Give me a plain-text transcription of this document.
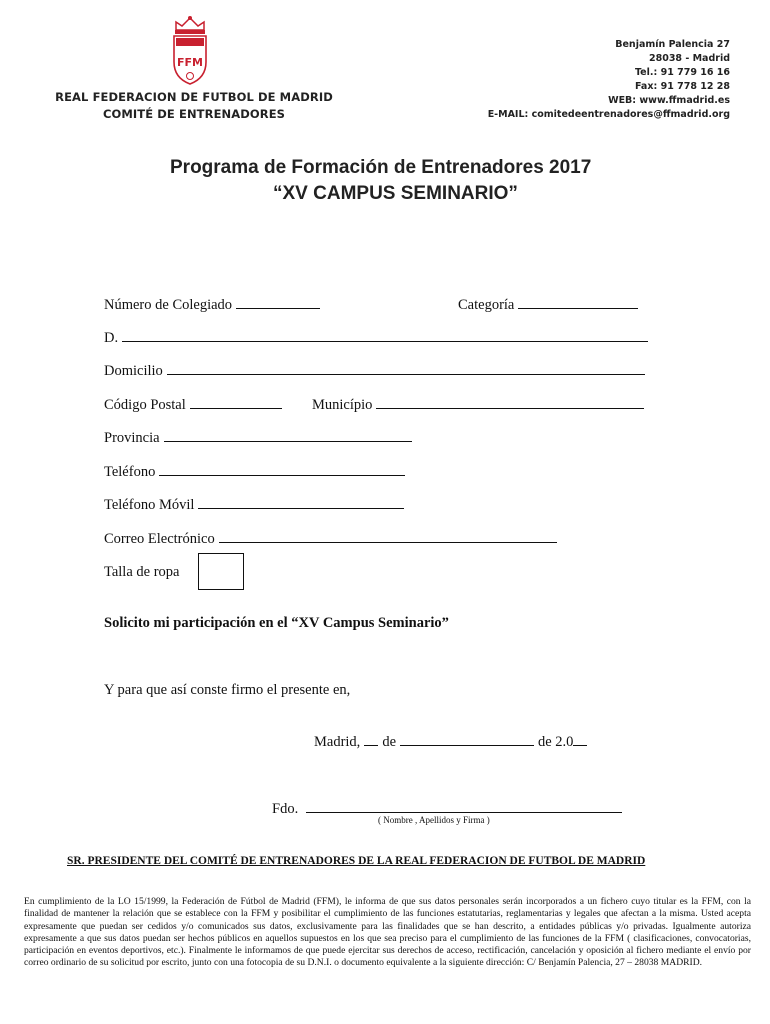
FFM
REAL FEDERACION DE FUTBOL DE MADRID
COMITÉ DE ENTRENADORES
Benjamín Palencia 27
28038 - Madrid
Tel.: 91 779 16 16
Fax: 91 778 12 28
WEB: www.ffmadrid.es
E-MAIL: comitedeentrenadores@ffmadrid.org
Programa de Formación de Entrenadores 2017
“XV CAMPUS SEMINARIO”
Número de Colegiado	Categoría
D.
Domicilio
Código Postal	Município
Provincia
Teléfono
Teléfono Móvil
Correo Electrónico
Talla de ropa
Solicito mi participación en el “XV Campus Seminario”
Y para que así conste firmo el presente en,
Madrid, de	de 2.0
Fdo.
( Nombre , Apellidos y Firma )
SR. PRESIDENTE DEL COMITÉ DE ENTRENADORES DE LA REAL FEDERACION DE FUTBOL DE MADRID
En cumplimiento de la LO 15/1999, la Federación de Fútbol de Madrid (FFM), le informa de que sus datos personales serán incorporados a un fichero cuyo titular es la FFM, con la finalidad de mantener la relación que se establece con la FFM y posibilitar el cumplimiento de las funciones estatutarias, reglamentarias y legales que afectan a la misma. Usted acepta expresamente que puedan ser cedidos y/o comunicados sus datos, exclusivamente para las finalidades que se han descrito, a entidades públicas y/o privadas. Igualmente autoriza expresamente a que sus datos puedan ser hechos públicos en aquellos supuestos en los que sea preciso para el cumplimiento de las funciones de la FFM ( clasificaciones, convocatorias, participación en eventos deportivos, etc.). Finalmente le informamos de que puede ejercitar sus derechos de acceso, rectificación, cancelación y oposición al fichero mediante el envío por correo ordinario de su solicitud por escrito, junto con una fotocopia de su D.N.I. o documento equivalente a la siguiente dirección: C/ Benjamín Palencia, 27 – 28038 MADRID.
